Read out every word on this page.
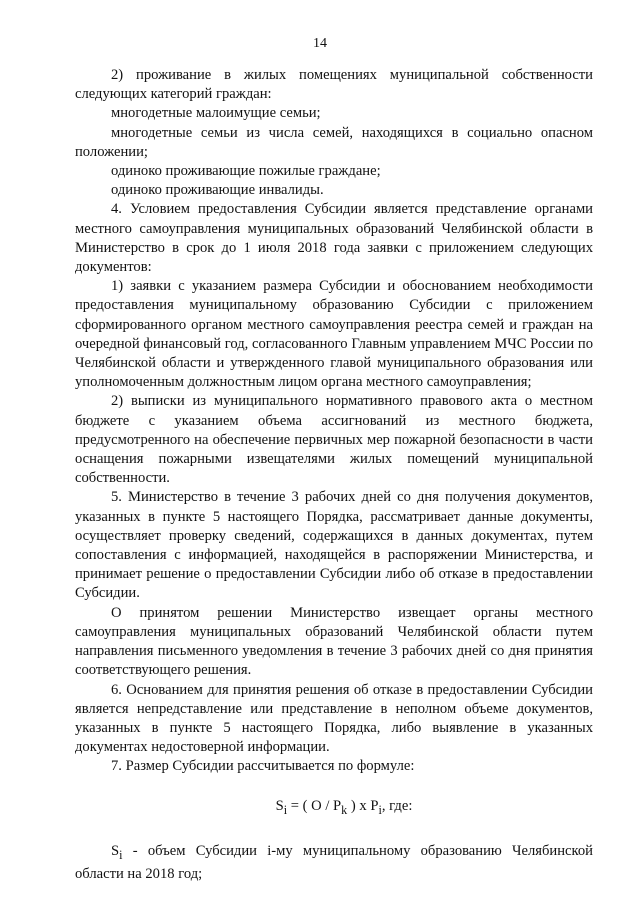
14

2) проживание в жилых помещениях муниципальной собственности следующих категорий граждан:

многодетные малоимущие семьи;

многодетные семьи из числа семей, находящихся в социально опасном положении;

одиноко проживающие пожилые граждане;

одиноко проживающие инвалиды.

4. Условием предоставления Субсидии является представление органами местного самоуправления муниципальных образований Челябинской области в Министерство в срок до 1 июля 2018 года заявки с приложением следующих документов:

1) заявки с указанием размера Субсидии и обоснованием необходимости предоставления муниципальному образованию Субсидии с приложением сформированного органом местного самоуправления реестра семей и граждан на очередной финансовый год, согласованного Главным управлением МЧС России по Челябинской области и утвержденного главой муниципального образования или уполномоченным должностным лицом органа местного самоуправления;

2) выписки из муниципального нормативного правового акта о местном бюджете с указанием объема ассигнований из местного бюджета, предусмотренного на обеспечение первичных мер пожарной безопасности в части оснащения пожарными извещателями жилых помещений муниципальной собственности.

5. Министерство в течение 3 рабочих дней со дня получения документов, указанных в пункте 5 настоящего Порядка, рассматривает данные документы, осуществляет проверку сведений, содержащихся в данных документах, путем сопоставления с информацией, находящейся в распоряжении Министерства, и принимает решение о предоставлении Субсидии либо об отказе в предоставлении Субсидии.

О принятом решении Министерство извещает органы местного самоуправления муниципальных образований Челябинской области путем направления письменного уведомления в течение 3 рабочих дней со дня принятия соответствующего решения.

6. Основанием для принятия решения об отказе в предоставлении Субсидии является непредставление или представление в неполном объеме документов, указанных в пункте 5 настоящего Порядка, либо выявление в указанных документах недостоверной информации.

7. Размер Субсидии рассчитывается по формуле:

$S_i$ = ( O / $P_k$ ) x $P_i$, где:

$S_i$ - объем Субсидии i-му муниципальному образованию Челябинской области на 2018 год;
